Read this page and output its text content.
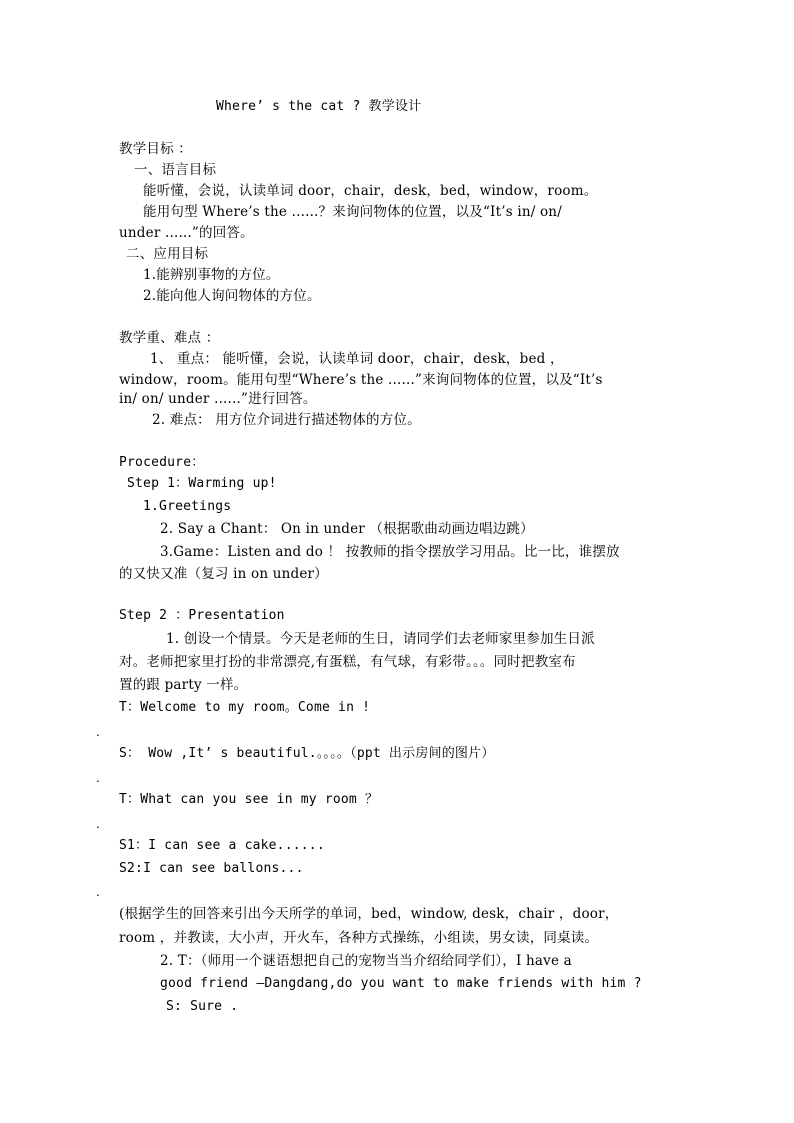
Where’ s the cat ? 教学设计
教学目标 ：
一、语言目标
能听懂，会说，认读单词 door，chair，desk，bed，window，room。
能用句型 Where’s the ......？来询问物体的位置，以及“It’s in/ on/
under ......”的回答。
二、应用目标
1.能辨别事物的方位。
2.能向他人询问物体的方位。
教学重、难点 ：
1、 重点： 能听懂，会说，认读单词 door，chair，desk，bed ，
window，room。能用句型“Where’s the ......”来询问物体的位置，以及“It’s
in/ on/ under ......”进行回答。
2. 难点： 用方位介词进行描述物体的方位。
Procedure：
Step 1：Warming up!
1.Greetings
2. Say a Chant： On in under （根据歌曲动画边唱边跳）
3.Game：Listen and do ！ 按教师的指令摆放学习用品。比一比，谁摆放
的又快又准（复习 in on under）
Step 2 ：Presentation
1. 创设一个情景。今天是老师的生日，请同学们去老师家里参加生日派
对。老师把家里打扮的非常漂亮,有蛋糕，有气球，有彩带。。。同时把教室布
置的跟 party 一样。
T：Welcome to my room。Come in !
.
S： Wow ,It’ s beautiful.。。。。（ppt 出示房间的图片）
.
T：What can you see in my room ？
.
S1：I can see a cake......
S2:I can see ballons...
.
(根据学生的回答来引出今天所学的单词，bed，window, desk，chair ，door，
room ，并教读，大小声，开火车，各种方式操练，小组读，男女读，同桌读。
2. T：（师用一个谜语想把自己的宠物当当介绍给同学们），I have a
good friend —Dangdang,do you want to make friends with him ?
S: Sure .
